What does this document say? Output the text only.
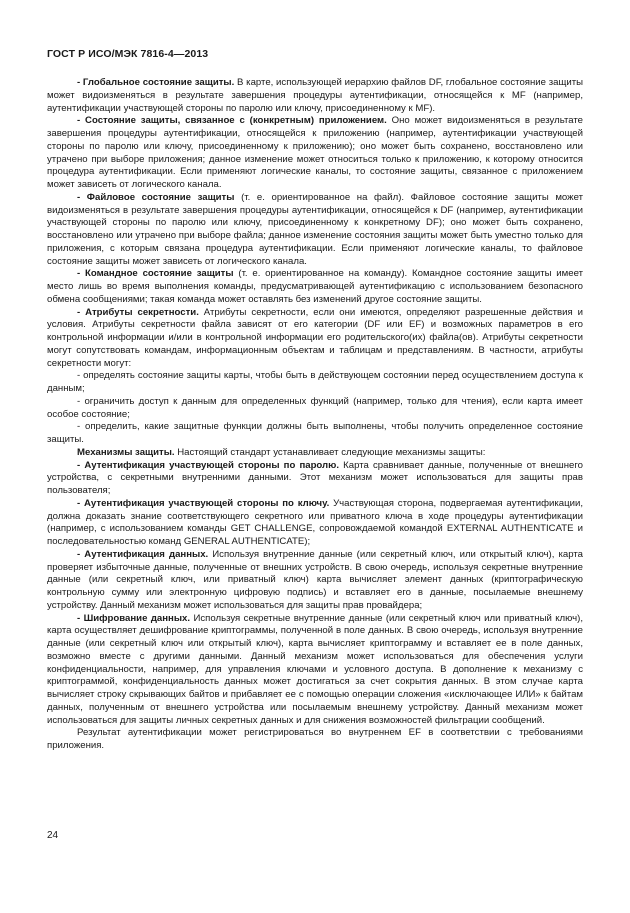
ГОСТ Р ИСО/МЭК 7816-4—2013

- Глобальное состояние защиты. В карте, использующей иерархию файлов DF, глобальное состояние защиты может видоизменяться в результате завершения процедуры аутентификации, относящейся к MF (например, аутентификации участвующей стороны по паролю или ключу, присоединенному к MF).

- Состояние защиты, связанное с (конкретным) приложением. Оно может видоизменяться в результате завершения процедуры аутентификации, относящейся к приложению (например, аутентификации участвующей стороны по паролю или ключу, присоединенному к приложению); оно может быть сохранено, восстановлено или утрачено при выборе приложения; данное изменение может относиться только к приложению, к которому относится процедура аутентификации. Если применяют логические каналы, то состояние защиты, связанное с приложением может зависеть от логического канала.

- Файловое состояние защиты (т. е. ориентированное на файл). Файловое состояние защиты может видоизменяться в результате завершения процедуры аутентификации, относящейся к DF (например, аутентификации участвующей стороны по паролю или ключу, присоединенному к конкретному DF); оно может быть сохранено, восстановлено или утрачено при выборе файла; данное изменение состояния защиты может быть уместно только для приложения, с которым связана процедура аутентификации. Если применяют логические каналы, то файловое состояние защиты может зависеть от логического канала.

- Командное состояние защиты (т. е. ориентированное на команду). Командное состояние защиты имеет место лишь во время выполнения команды, предусматривающей аутентификацию с использованием безопасного обмена сообщениями; такая команда может оставлять без изменений другое состояние защиты.

- Атрибуты секретности. Атрибуты секретности, если они имеются, определяют разрешенные действия и условия. Атрибуты секретности файла зависят от его категории (DF или EF) и возможных параметров в его контрольной информации и/или в контрольной информации его родительского(их) файла(ов). Атрибуты секретности могут сопутствовать командам, информационным объектам и таблицам и представлениям. В частности, атрибуты секретности могут:

- определять состояние защиты карты, чтобы быть в действующем состоянии перед осуществлением доступа к данным;

- ограничить доступ к данным для определенных функций (например, только для чтения), если карта имеет особое состояние;

- определить, какие защитные функции должны быть выполнены, чтобы получить определенное состояние защиты.

Механизмы защиты. Настоящий стандарт устанавливает следующие механизмы защиты:

- Аутентификация участвующей стороны по паролю. Карта сравнивает данные, полученные от внешнего устройства, с секретными внутренними данными. Этот механизм может использоваться для защиты прав пользователя;

- Аутентификация участвующей стороны по ключу. Участвующая сторона, подвергаемая аутентификации, должна доказать знание соответствующего секретного или приватного ключа в ходе процедуры аутентификации (например, с использованием команды GET CHALLENGE, сопровождаемой командой EXTERNAL AUTHENTICATE и последовательностью команд GENERAL AUTHENTICATE);

- Аутентификация данных. Используя внутренние данные (или секретный ключ, или открытый ключ), карта проверяет избыточные данные, полученные от внешних устройств. В свою очередь, используя секретные внутренние данные (или секретный ключ, или приватный ключ) карта вычисляет элемент данных (криптографическую контрольную сумму или электронную цифровую подпись) и вставляет его в данные, посылаемые внешнему устройству. Данный механизм может использоваться для защиты прав провайдера;

- Шифрование данных. Используя секретные внутренние данные (или секретный ключ или приватный ключ), карта осуществляет дешифрование криптограммы, полученной в поле данных. В свою очередь, используя внутренние данные (или секретный ключ или открытый ключ), карта вычисляет криптограмму и вставляет ее в поле данных, возможно вместе с другими данными. Данный механизм может использоваться для обеспечения услуги конфиденциальности, например, для управления ключами и условного доступа. В дополнение к механизму с криптограммой, конфиденциальность данных может достигаться за счет сокрытия данных. В этом случае карта вычисляет строку скрывающих байтов и прибавляет ее с помощью операции сложения «исключающее ИЛИ» к байтам данных, полученным от внешнего устройства или посылаемым внешнему устройству. Данный механизм может использоваться для защиты личных секретных данных и для снижения возможностей фильтрации сообщений.

Результат аутентификации может регистрироваться во внутреннем EF в соответствии с требованиями приложения.

24
